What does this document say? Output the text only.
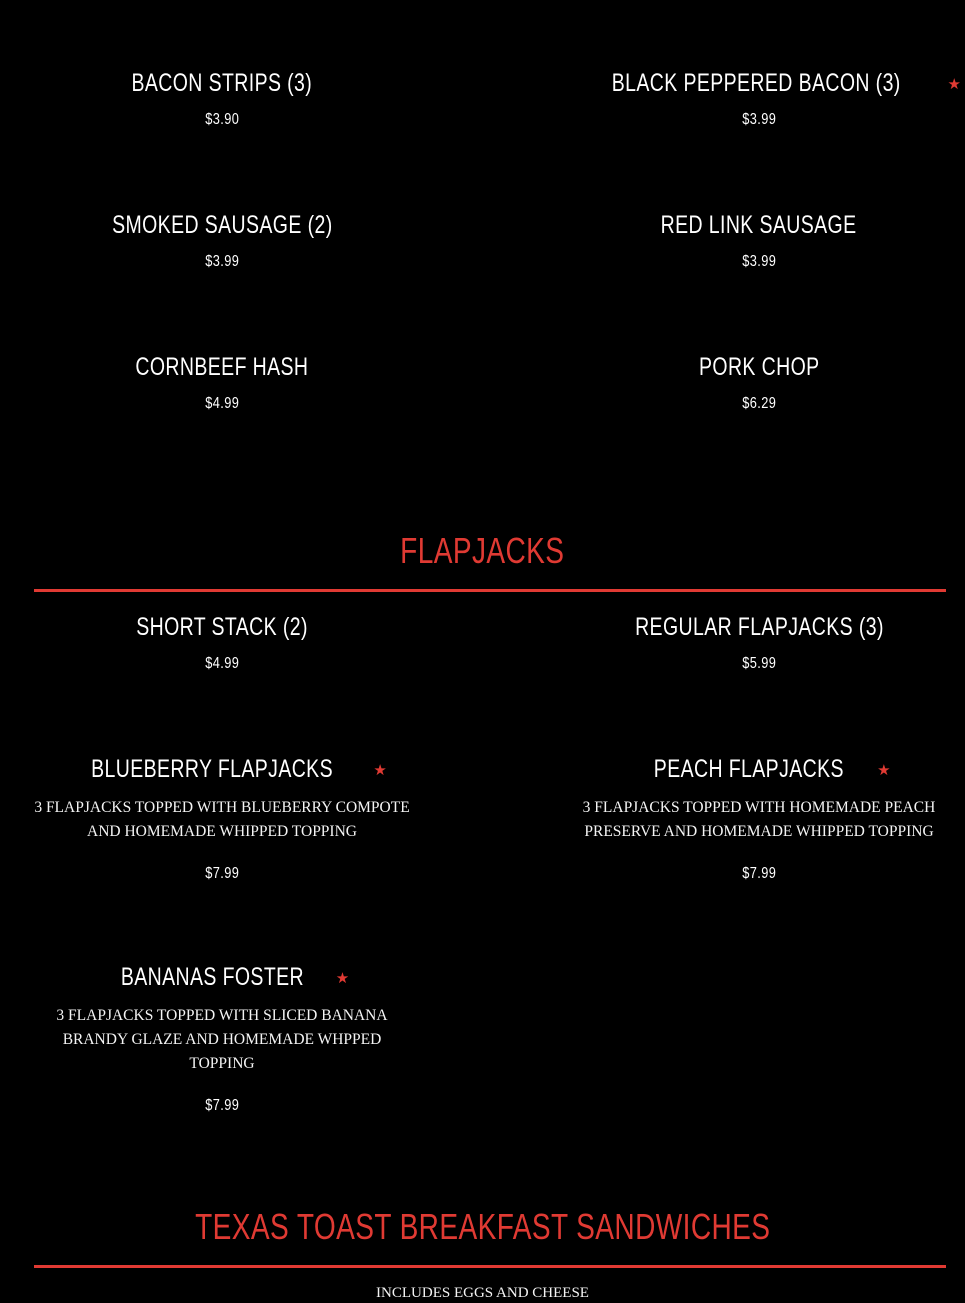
BACON STRIPS (3)
$3.90
BLACK PEPPERED BACON (3)	★
$3.99
SMOKED SAUSAGE (2)
$3.99
RED LINK SAUSAGE
$3.99
CORNBEEF HASH
$4.99
PORK CHOP
$6.29
FLAPJACKS
SHORT STACK (2)
$4.99
REGULAR FLAPJACKS (3)
$5.99
BLUEBERRY FLAPJACKS	★
3 FLAPJACKS TOPPED WITH BLUEBERRY COMPOTE AND HOMEMADE WHIPPED TOPPING
$7.99
PEACH FLAPJACKS ★
3 FLAPJACKS TOPPED WITH HOMEMADE PEACH PRESERVE AND HOMEMADE WHIPPED TOPPING
$7.99
BANANAS FOSTER ★
3 FLAPJACKS TOPPED WITH SLICED BANANA BRANDY GLAZE AND HOMEMADE WHPPED TOPPING
$7.99
TEXAS TOAST BREAKFAST SANDWICHES
INCLUDES EGGS AND CHEESE
